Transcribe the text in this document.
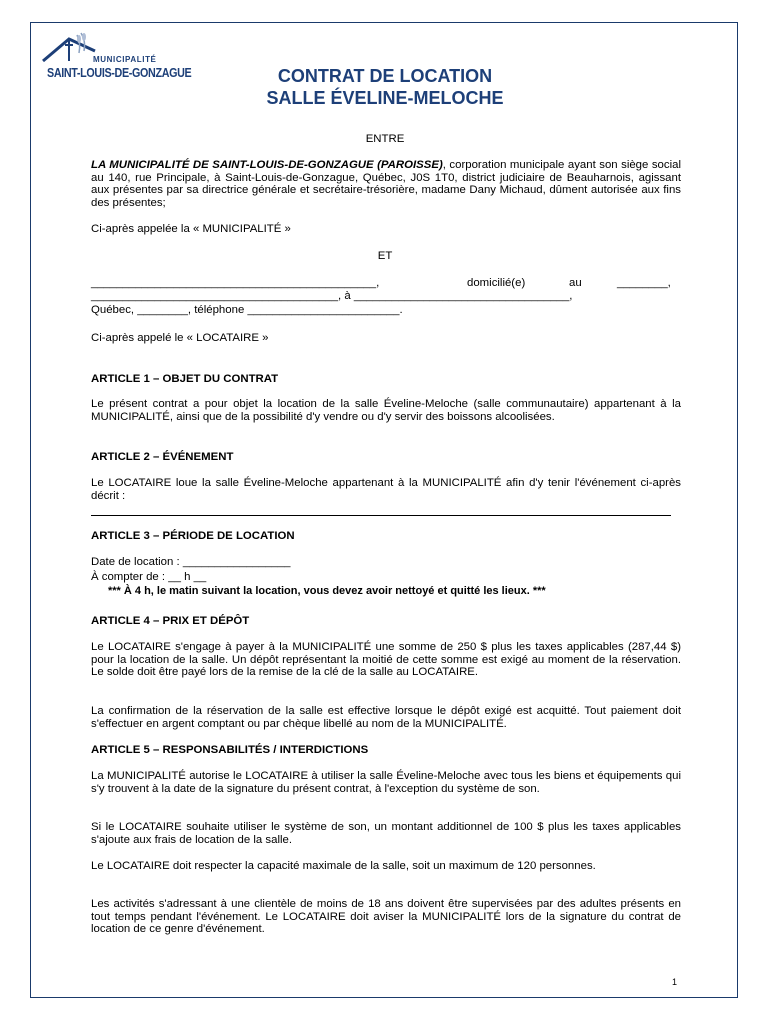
MUNICIPALITÉ
SAINT-LOUIS-DE-GONZAGUE	CONTRAT DE LOCATION
SALLE ÉVELINE-MELOCHE
ENTRE
LA MUNICIPALITÉ DE SAINT-LOUIS-DE-GONZAGUE (PAROISSE), corporation municipale ayant son siège social au 140, rue Principale, à Saint-Louis-de-Gonzague, Québec, J0S 1T0, district judiciaire de Beauharnois, agissant aux présentes par sa directrice générale et secrétaire-trésorière, madame Dany Michaud, dûment autorisée aux fins des présentes;
Ci-après appelée la « MUNICIPALITÉ »
ET
_____________________________________________,	domicilié(e)	au	________,
_______________________________________, à __________________________________,
Québec, ________, téléphone ________________________.
Ci-après appelé le « LOCATAIRE »
ARTICLE 1 – OBJET DU CONTRAT
Le présent contrat a pour objet la location de la salle Éveline-Meloche (salle communautaire) appartenant à la MUNICIPALITÉ, ainsi que de la possibilité d'y vendre ou d'y servir des boissons alcoolisées.
ARTICLE 2 – ÉVÉNEMENT
Le LOCATAIRE loue la salle Éveline-Meloche appartenant à la MUNICIPALITÉ afin d'y tenir l'événement ci-après décrit :
ARTICLE 3 – PÉRIODE DE LOCATION
Date de location : _________________
À compter de : __ h __
*** À 4 h, le matin suivant la location, vous devez avoir nettoyé et quitté les lieux. ***
ARTICLE 4 – PRIX ET DÉPÔT
Le LOCATAIRE s'engage à payer à la MUNICIPALITÉ une somme de 250 $ plus les taxes applicables (287,44 $) pour la location de la salle. Un dépôt représentant la moitié de cette somme est exigé au moment de la réservation. Le solde doit être payé lors de la remise de la clé de la salle au LOCATAIRE.
La confirmation de la réservation de la salle est effective lorsque le dépôt exigé est acquitté. Tout paiement doit s'effectuer en argent comptant ou par chèque libellé au nom de la MUNICIPALITÉ.
ARTICLE 5 – RESPONSABILITÉS / INTERDICTIONS
La MUNICIPALITÉ autorise le LOCATAIRE à utiliser la salle Éveline-Meloche avec tous les biens et équipements qui s'y trouvent à la date de la signature du présent contrat, à l'exception du système de son.
Si le LOCATAIRE souhaite utiliser le système de son, un montant additionnel de 100 $ plus les taxes applicables s'ajoute aux frais de location de la salle.
Le LOCATAIRE doit respecter la capacité maximale de la salle, soit un maximum de 120 personnes.
Les activités s'adressant à une clientèle de moins de 18 ans doivent être supervisées par des adultes présents en tout temps pendant l'événement. Le LOCATAIRE doit aviser la MUNICIPALITÉ lors de la signature du contrat de location de ce genre d'événement.
1
